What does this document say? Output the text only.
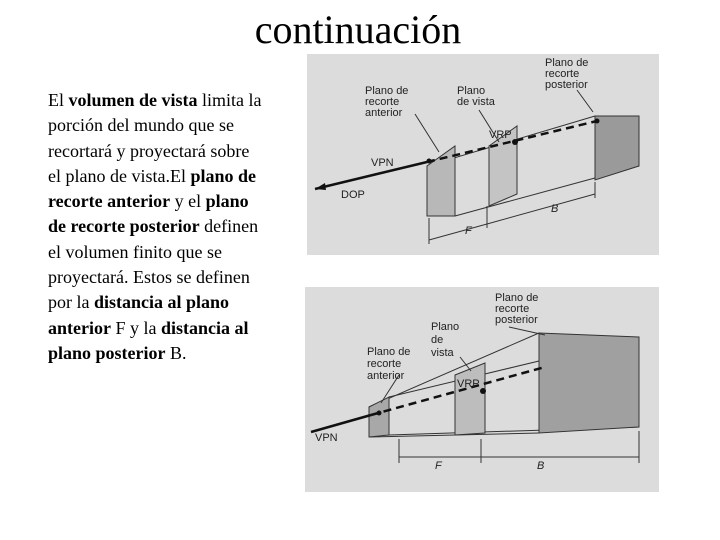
continuación
El volumen de vista limita la porción del mundo que se recortará y proyectará sobre el plano de vista.El plano de recorte anterior y el plano de recorte posterior definen el volumen finito que se proyectará. Estos se definen por la distancia al plano anterior F y la distancia al plano posterior B.
Plano de
recorte
anterior
Plano
de vista
Plano de
recorte
posterior
VRP
VPN
DOP
F
B
Plano de
recorte
posterior
Plano
de
vista
Plano de
recorte
anterior
VRP
VPN
F	B
